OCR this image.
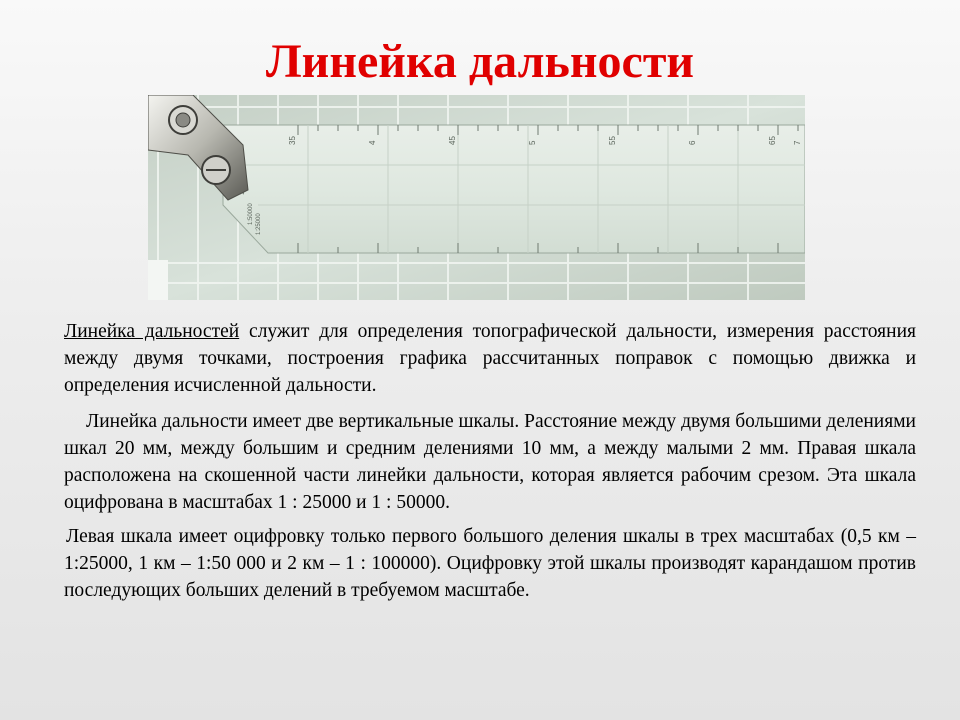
Линейка дальности
35	4	45	5	55	6	65 7
1:50000 1:25000

Линейка дальностей служит для определения топографической дальности, измерения расстояния между двумя точками, построения графика рассчитанных поправок с помощью движка и определения исчисленной дальности.

Линейка дальности имеет две вертикальные шкалы. Расстояние между двумя большими делениями шкал 20 мм, между большим и средним делениями 10 мм, а между малыми 2 мм. Правая шкала расположена на скошенной части линейки дальности, которая является рабочим срезом. Эта шкала оцифрована в масштабах 1 : 25000 и 1 : 50000.

Левая шкала имеет оцифровку только первого большого деления шкалы в трех масштабах (0,5 км – 1:25000, 1 км – 1:50 000 и 2 км – 1 : 100000). Оцифровку этой шкалы производят карандашом против последующих больших делений в требуемом масштабе.
